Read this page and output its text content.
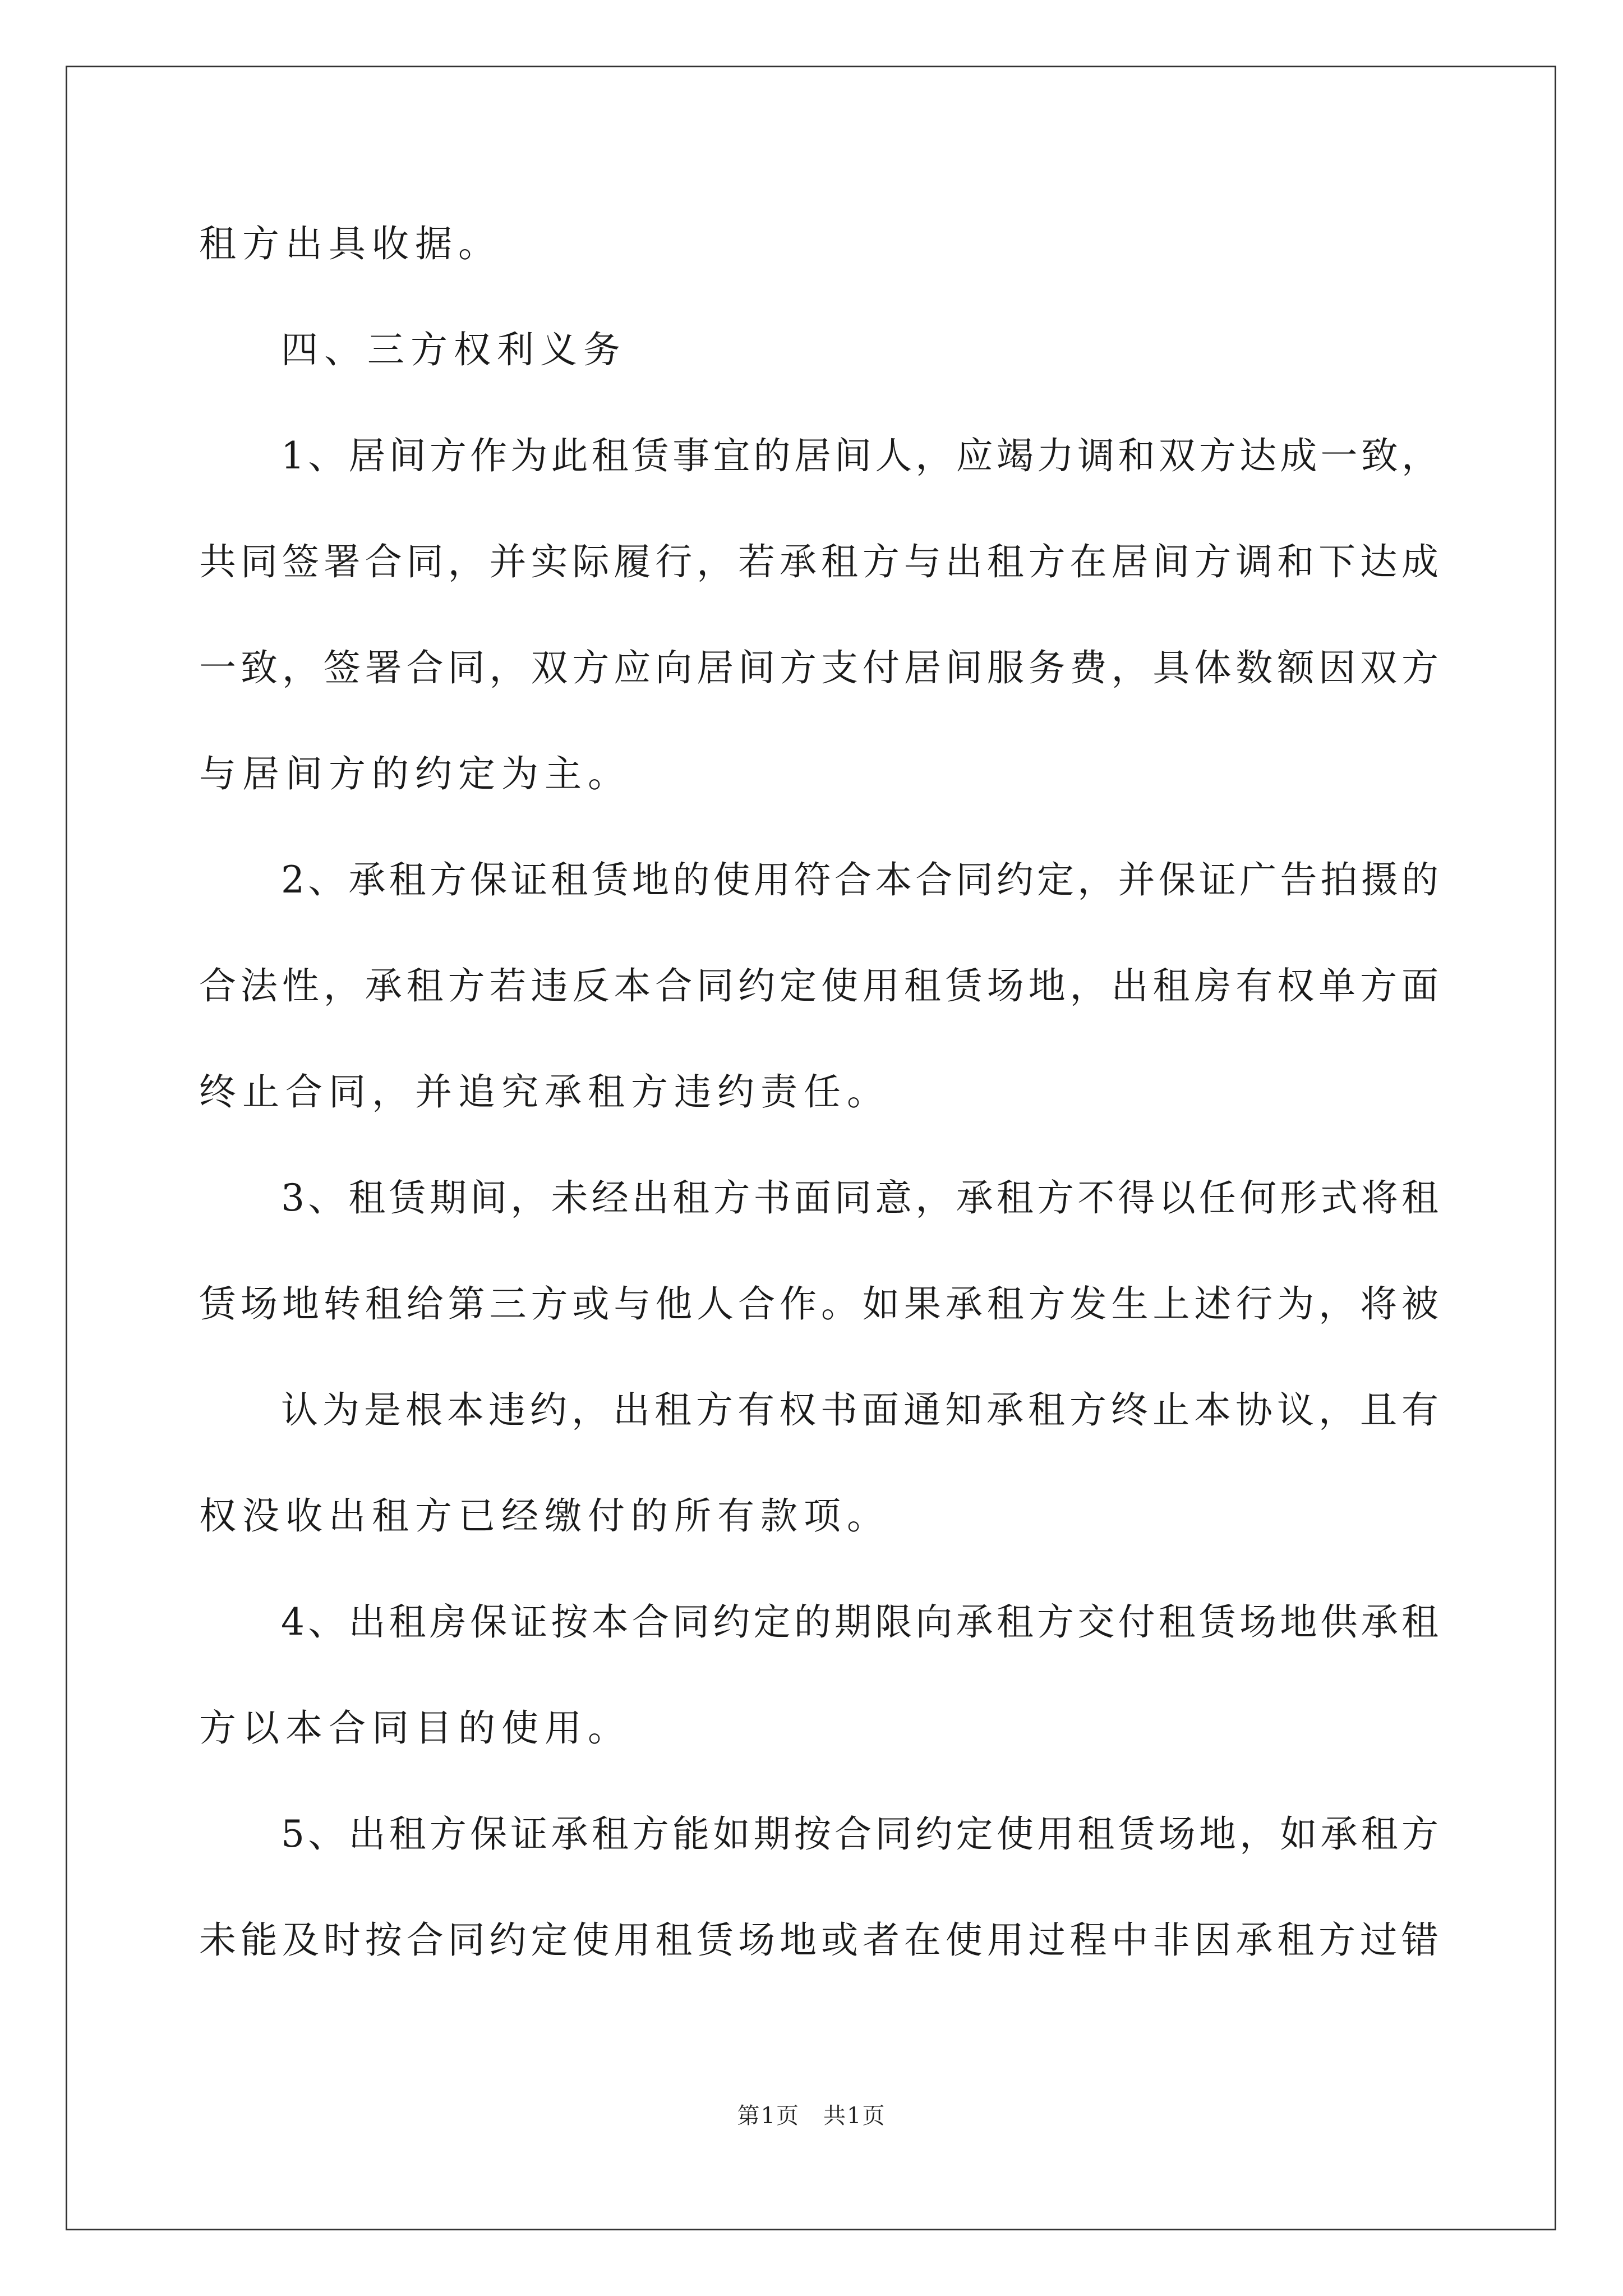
租方出具收据。
四、三方权利义务
1、居间方作为此租赁事宜的居间人，应竭力调和双方达成一致，
共同签署合同，并实际履行，若承租方与出租方在居间方调和下达成
一致，签署合同，双方应向居间方支付居间服务费，具体数额因双方
与居间方的约定为主。
2、承租方保证租赁地的使用符合本合同约定，并保证广告拍摄的
合法性，承租方若违反本合同约定使用租赁场地，出租房有权单方面
终止合同，并追究承租方违约责任。
3、租赁期间，未经出租方书面同意，承租方不得以任何形式将租
赁场地转租给第三方或与他人合作。如果承租方发生上述行为，将被
认为是根本违约，出租方有权书面通知承租方终止本协议，且有
权没收出租方已经缴付的所有款项。
4、出租房保证按本合同约定的期限向承租方交付租赁场地供承租
方以本合同目的使用。
5、出租方保证承租方能如期按合同约定使用租赁场地，如承租方
未能及时按合同约定使用租赁场地或者在使用过程中非因承租方过错
第1页　共1页
